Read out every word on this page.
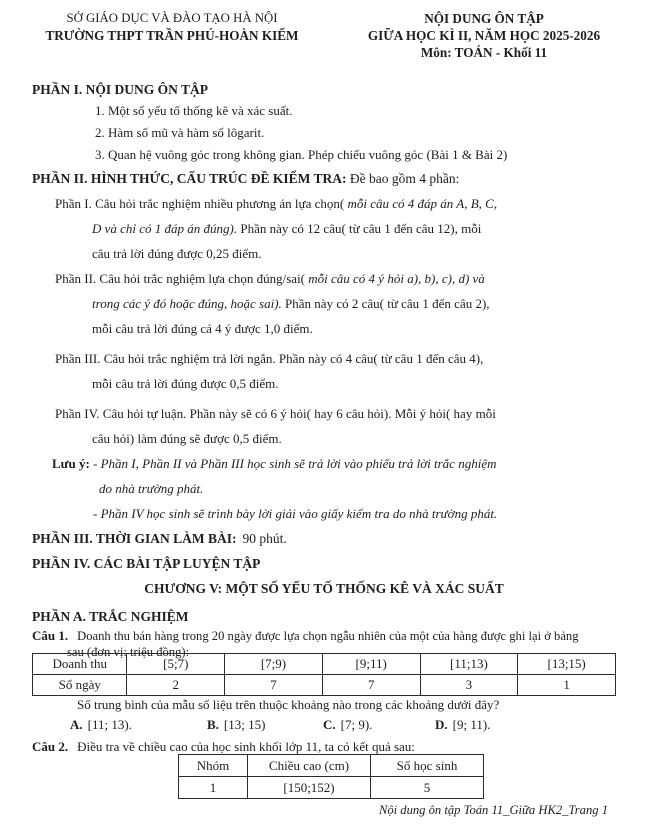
SỞ GIÁO DỤC VÀ ĐÀO TẠO HÀ NỘI
TRƯỜNG THPT TRẦN PHÚ-HOÀN KIẾM
NỘI DUNG ÔN TẬP
GIỮA HỌC KÌ II, NĂM HỌC 2025-2026
Môn: TOÁN - Khối 11
PHẦN I. NỘI DUNG ÔN TẬP
1. Một số yếu tố thống kê và xác suất.
2. Hàm số mũ và hàm số lôgarit.
3. Quan hệ vuông góc trong không gian. Phép chiếu vuông góc (Bài 1 & Bài 2)
PHẦN II. HÌNH THỨC, CẤU TRÚC ĐỀ KIỂM TRA: Đề bao gồm 4 phần:
Phần I. Câu hỏi trắc nghiệm nhiều phương án lựa chọn( mỗi câu có 4 đáp án A, B, C,
D và chỉ có 1 đáp án đúng). Phần này có 12 câu( từ câu 1 đến câu 12), mỗi
câu trả lời đúng được 0,25 điểm.
Phần II. Câu hỏi trắc nghiệm lựa chọn đúng/sai( mỗi câu có 4 ý hỏi a), b), c), d) và
trong các ý đó hoặc đúng, hoặc sai). Phần này có 2 câu( từ câu 1 đến câu 2),
mỗi câu trả lời đúng cả 4 ý được 1,0 điểm.
Phần III. Câu hỏi trắc nghiệm trả lời ngắn. Phần này có 4 câu( từ câu 1 đến câu 4),
mỗi câu trả lời đúng được 0,5 điểm.
Phần IV. Câu hỏi tự luận. Phần này sẽ có 6 ý hỏi( hay 6 câu hỏi). Mỗi ý hỏi( hay mỗi
câu hỏi) làm đúng sẽ được 0,5 điểm.
Lưu ý: - Phần I, Phần II và Phần III học sinh sẽ trả lời vào phiếu trả lời trắc nghiệm
do nhà trường phát.
- Phần IV học sinh sẽ trình bày lời giải vào giấy kiểm tra do nhà trường phát.
PHẦN III. THỜI GIAN LÀM BÀI: 90 phút.
PHẦN IV. CÁC BÀI TẬP LUYỆN TẬP
CHƯƠNG V: MỘT SỐ YẾU TỐ THỐNG KÊ VÀ XÁC SUẤT
PHẦN A. TRẮC NGHIỆM
Câu 1. Doanh thu bán hàng trong 20 ngày được lựa chọn ngẫu nhiên của một của hàng được ghi lại ở bảng
sau (đơn vị: triệu đồng):
Doanh thu	[5;7)	[7;9)	[9;11)	[11;13)	[13;15)
Số ngày	2	7	7	3	1
Số trung bình của mẫu số liệu trên thuộc khoảng nào trong các khoảng dưới đây?
A. [11; 13).	B. [13; 15)	C. [7; 9).	D. [9; 11).
Câu 2. Điều tra về chiều cao của học sinh khối lớp 11, ta có kết quả sau:
Nhóm	Chiều cao (cm)	Số học sinh
1	[150;152)	5
Nội dung ôn tập Toán 11_Giữa HK2_Trang 1
